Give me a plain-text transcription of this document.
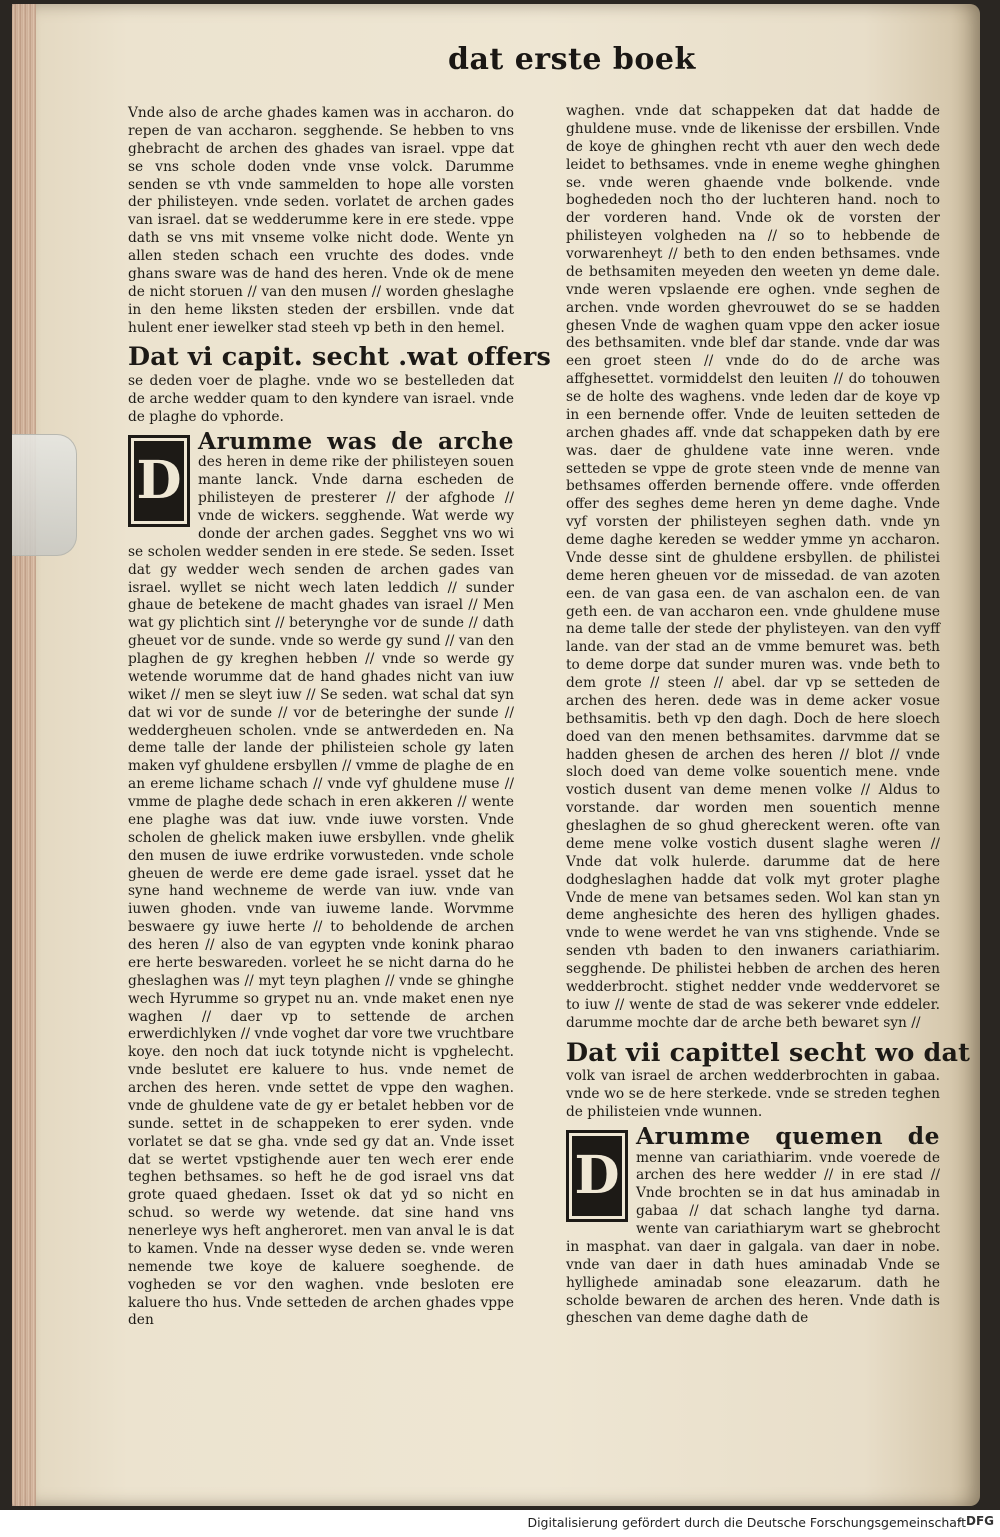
dat erste boek

Vnde also de arche ghades kamen was in accharon. do repen de van accharon. segghende. Se hebben to vns ghebracht de archen des ghades van israel. vppe dat se vns schole doden vnde vnse volck. Darumme senden se vth vnde sammelden to hope alle vorsten der philisteyen. vnde seden. vorlatet de archen gades van israel. dat se wedderumme kere in ere stede. vppe dath se vns mit vnseme volke nicht dode. Wente yn allen steden schach een vruchte des dodes. vnde ghans sware was de hand des heren. Vnde ok de mene de nicht storuen // van den musen // worden gheslaghe in den heme liksten steden der ersbillen. vnde dat hulent ener iewelker stad steeh vp beth in den hemel.

Dat vi capit. secht .wat offers

se deden voer de plaghe. vnde wo se bestelleden dat de arche wedder quam to den kyndere van israel. vnde de plaghe do vphorde.

D
Arumme was de arche des heren in deme rike der philisteyen souen mante lanck. Vnde darna escheden de philisteyen de presterer // der afghode // vnde de wickers. segghende. Wat werde wy donde der archen gades. Segghet vns wo wi se scholen wedder senden in ere stede. Se seden. Isset dat gy wedder wech senden de archen gades van israel. wyllet se nicht wech laten leddich // sunder ghaue de betekene de macht ghades van israel // Men wat gy plichtich sint // beterynghe vor de sunde // dath gheuet vor de sunde. vnde so werde gy sund // van den plaghen de gy kreghen hebben // vnde so werde gy wetende worumme dat de hand ghades nicht van iuw wiket // men se sleyt iuw // Se seden. wat schal dat syn dat wi vor de sunde // vor de beteringhe der sunde // weddergheuen scholen. vnde se antwerdeden en. Na deme talle der lande der philisteien schole gy laten maken vyf ghuldene ersbyllen // vmme de plaghe de en an ereme lichame schach // vnde vyf ghuldene muse // vmme de plaghe dede schach in eren akkeren // wente ene plaghe was dat iuw. vnde iuwe vorsten. Vnde scholen de ghelick maken iuwe ersbyllen. vnde ghelik den musen de iuwe erdrike vorwusteden. vnde schole gheuen de werde ere deme gade israel. ysset dat he syne hand wechneme de werde van iuw. vnde van iuwen ghoden. vnde van iuweme lande. Worvmme beswaere gy iuwe herte // to beholdende de archen des heren // also de van egypten vnde konink pharao ere herte beswareden. vorleet he se nicht darna do he gheslaghen was // myt teyn plaghen // vnde se ghinghe wech Hyrumme so grypet nu an. vnde maket enen nye waghen // daer vp to settende de archen erwerdichlyken // vnde voghet dar vore twe vruchtbare koye. den noch dat iuck totynde nicht is vpghelecht. vnde beslutet ere kaluere to hus. vnde nemet de archen des heren. vnde settet de vppe den waghen. vnde de ghuldene vate de gy er betalet hebben vor de sunde. settet in de schappeken to erer syden. vnde vorlatet se dat se gha. vnde sed gy dat an. Vnde isset dat se wertet vpstighende auer ten wech erer ende teghen bethsames. so heft he de god israel vns dat grote quaed ghedaen. Isset ok dat yd so nicht en schud. so werde wy wetende. dat sine hand vns nenerleye wys heft angheroret. men van anval le is dat to kamen. Vnde na desser wyse deden se. vnde weren nemende twe koye de kaluere soeghende. de vogheden se vor den waghen. vnde besloten ere kaluere tho hus. Vnde setteden de archen ghades vppe den

waghen. vnde dat schappeken dat dat hadde de ghuldene muse. vnde de likenisse der ersbillen. Vnde de koye de ghinghen recht vth auer den wech dede leidet to bethsames. vnde in eneme weghe ghinghen se. vnde weren ghaende vnde bolkende. vnde boghededen noch tho der luchteren hand. noch to der vorderen hand. Vnde ok de vorsten der philisteyen volgheden na // so to hebbende de vorwarenheyt // beth to den enden bethsames. vnde de bethsamiten meyeden den weeten yn deme dale. vnde weren vpslaende ere oghen. vnde seghen de archen. vnde worden ghevrouwet do se se hadden ghesen Vnde de waghen quam vppe den acker iosue des bethsamiten. vnde blef dar stande. vnde dar was een groet steen // vnde do do de arche was affghesettet. vormiddelst den leuiten // do tohouwen se de holte des waghens. vnde leden dar de koye vp in een bernende offer. Vnde de leuiten setteden de archen ghades aff. vnde dat schappeken dath by ere was. daer de ghuldene vate inne weren. vnde setteden se vppe de grote steen vnde de menne van bethsames offerden bernende offere. vnde offerden offer des seghes deme heren yn deme daghe. Vnde vyf vorsten der philisteyen seghen dath. vnde yn deme daghe kereden se wedder ymme yn accharon. Vnde desse sint de ghuldene ersbyllen. de philistei deme heren gheuen vor de missedad. de van azoten een. de van gasa een. de van aschalon een. de van geth een. de van accharon een. vnde ghuldene muse na deme talle der stede der phylisteyen. van den vyff lande. van der stad an de vmme bemuret was. beth to deme dorpe dat sunder muren was. vnde beth to dem grote // steen // abel. dar vp se setteden de archen des heren. dede was in deme acker vosue bethsamitis. beth vp den dagh. Doch de here sloech doed van den menen bethsamites. darvmme dat se hadden ghesen de archen des heren // blot // vnde sloch doed van deme volke souentich mene. vnde vostich dusent van deme menen volke // Aldus to vorstande. dar worden men souentich menne gheslaghen de so ghud ghereckent weren. ofte van deme mene volke vostich dusent slaghe weren // Vnde dat volk hulerde. darumme dat de here dodgheslaghen hadde dat volk myt groter plaghe Vnde de mene van betsames seden. Wol kan stan yn deme anghesichte des heren des hylligen ghades. vnde to wene werdet he van vns stighende. Vnde se senden vth baden to den inwaners cariathiarim. segghende. De philistei hebben de archen des heren wedderbrocht. stighet nedder vnde weddervoret se to iuw // wente de stad de was sekerer vnde eddeler. darumme mochte dar de arche beth bewaret syn //

Dat vii capittel secht wo dat

volk van israel de archen wedderbrochten in gabaa. vnde wo se de here sterkede. vnde se streden teghen de philisteien vnde wunnen.

D
Arumme quemen de menne van cariathiarim. vnde voerede de archen des here wedder // in ere stad // Vnde brochten se in dat hus aminadab in gabaa // dat schach langhe tyd darna. wente van cariathiarym wart se ghebrocht in masphat. van daer in galgala. van daer in nobe. vnde van daer in dath hues aminadab Vnde se hyllighede aminadab sone eleazarum. dath he scholde bewaren de archen des heren. Vnde dath is gheschen van deme daghe dath de
Digitalisierung gefördert durch die Deutsche Forschungsgemeinschaft
· DFG
